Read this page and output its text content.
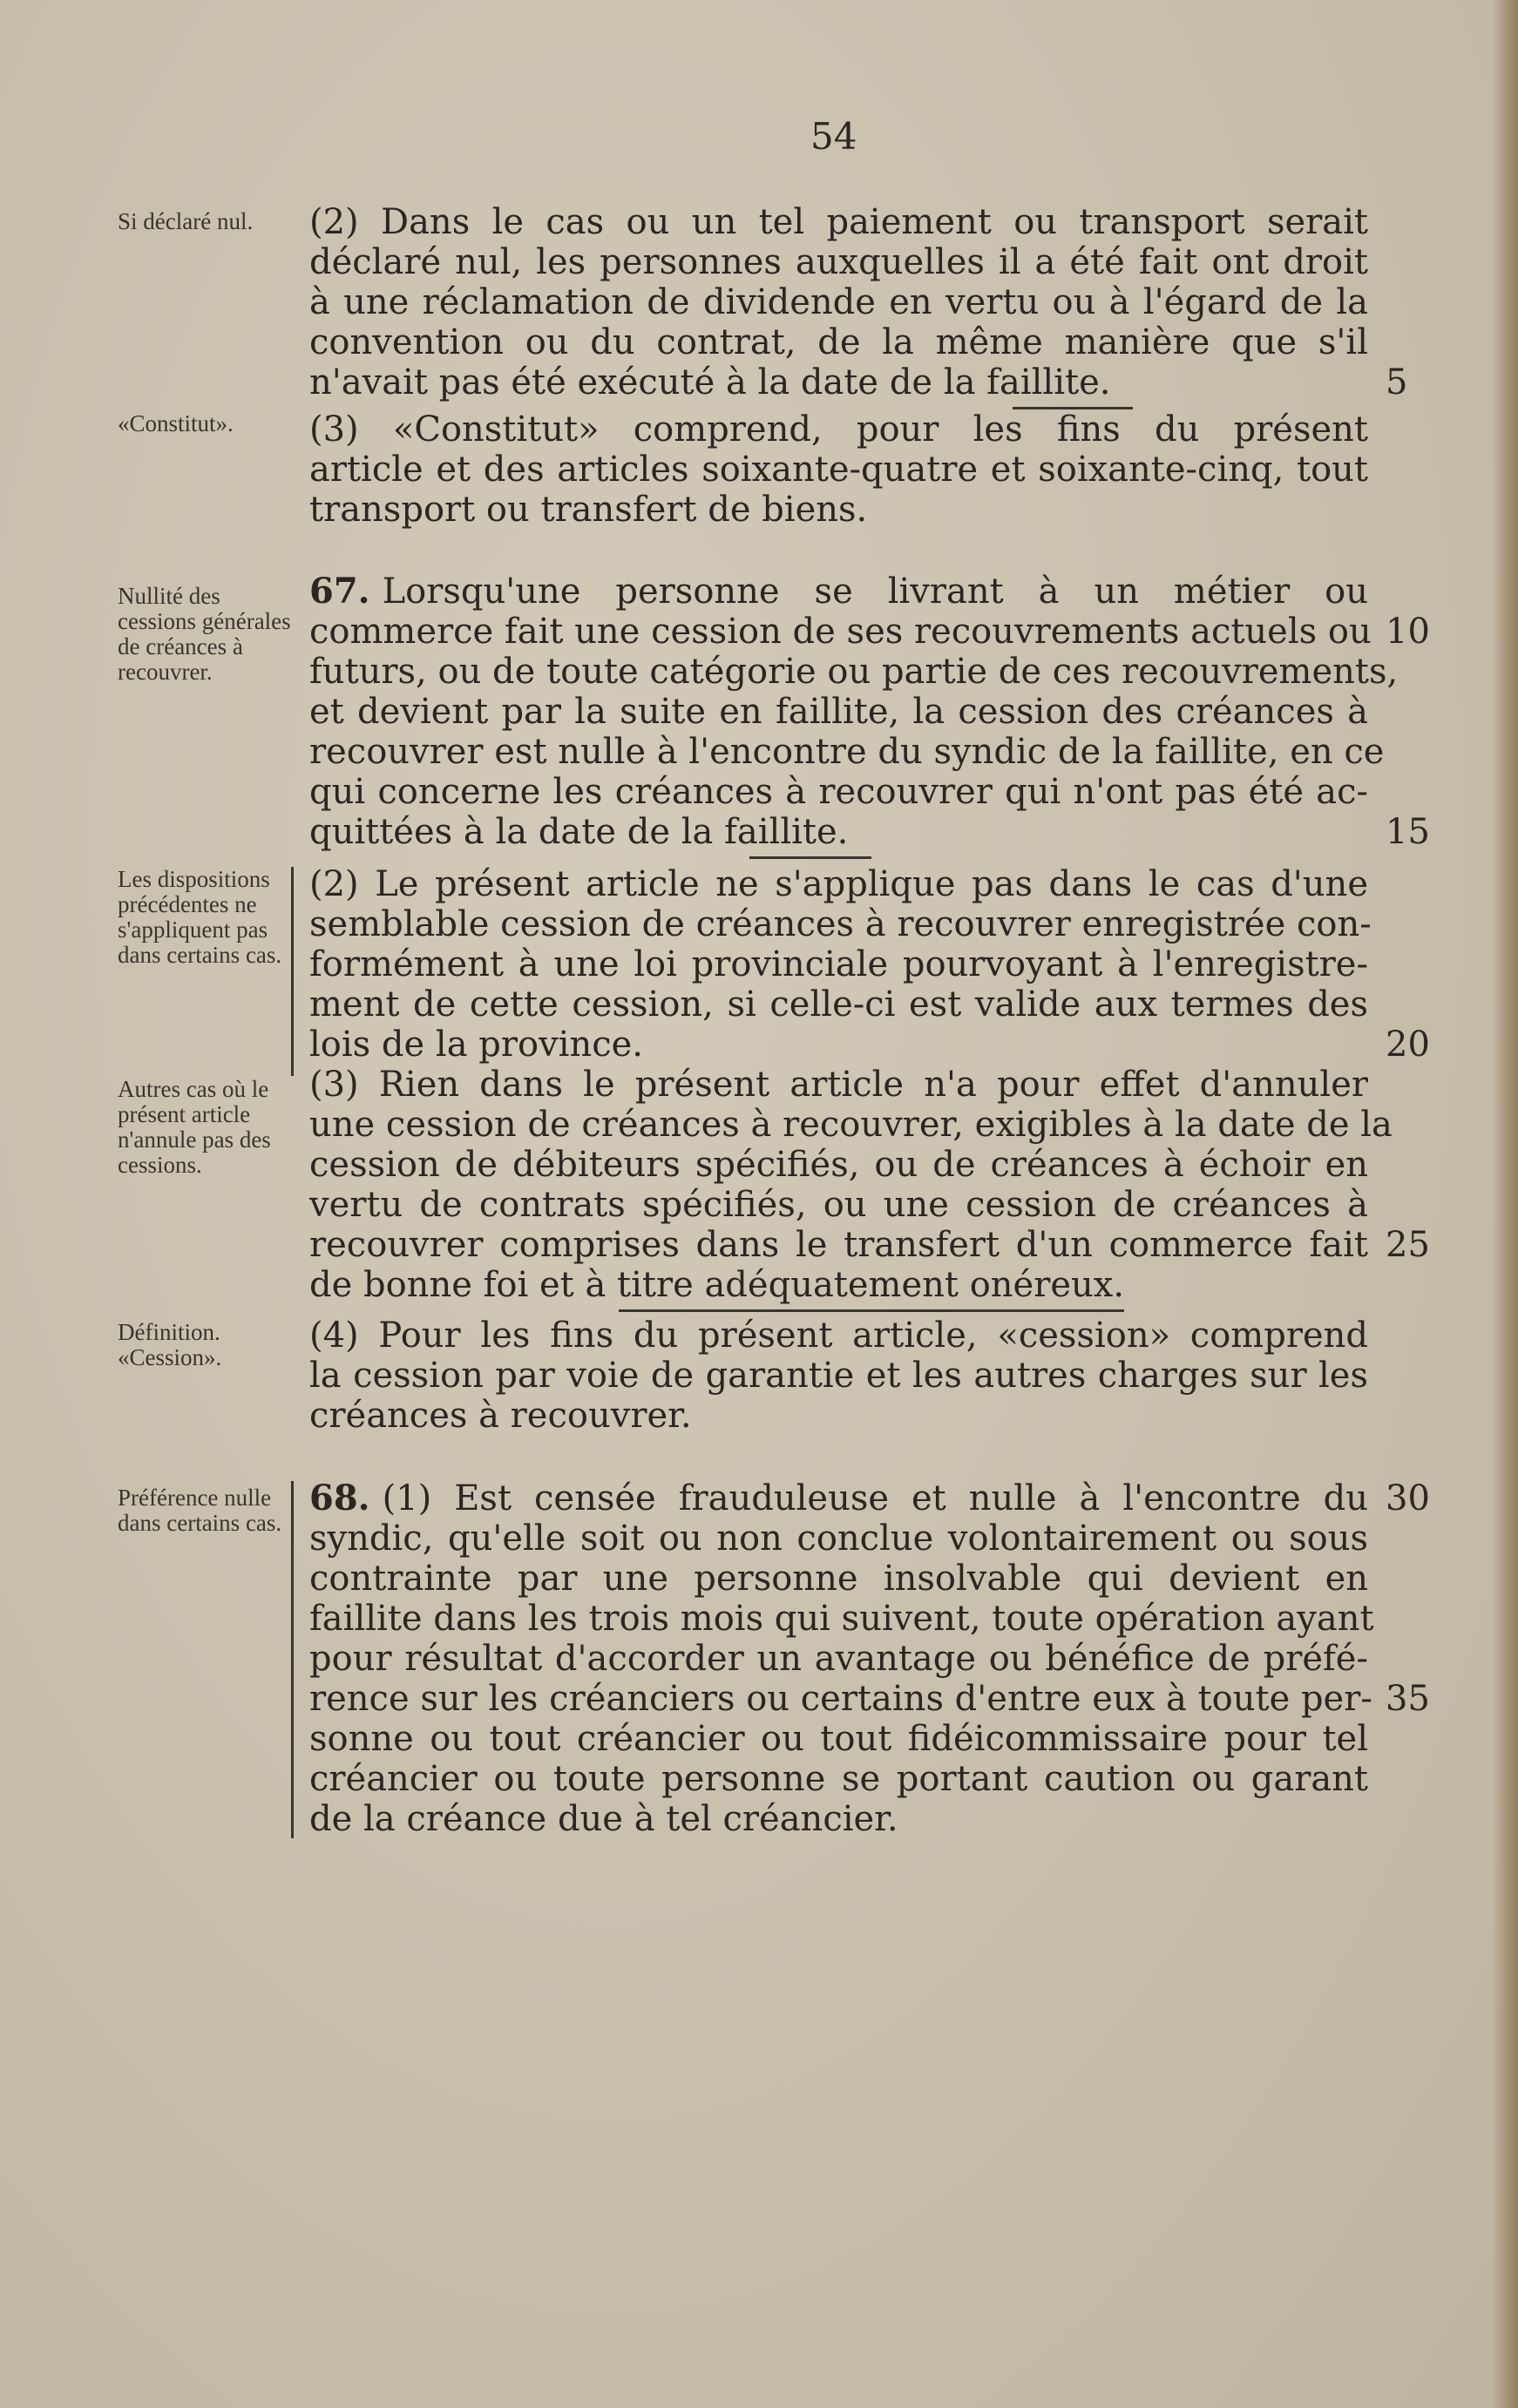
54
Si déclaré nul.
«Constitut».
Nullité des cessions générales de créances à recouvrer.
Les dispositions précédentes ne s'appliquent pas dans certains cas.
Autres cas où le présent article n'annule pas des cessions.
Définition. «Cession».
Préférence nulle dans certains cas.
(2) Dans le cas ou un tel paiement ou transport serait
déclaré nul, les personnes auxquelles il a été fait ont droit
à une réclamation de dividende en vertu ou à l'égard de la
convention ou du contrat, de la même manière que s'il
n'avait pas été exécuté à la date de la faillite.
(3) «Constitut» comprend, pour les fins du présent
article et des articles soixante-quatre et soixante-cinq, tout
transport ou transfert de biens.
67. Lorsqu'une personne se livrant à un métier ou
commerce fait une cession de ses recouvrements actuels ou
futurs, ou de toute catégorie ou partie de ces recouvrements,
et devient par la suite en faillite, la cession des créances à
recouvrer est nulle à l'encontre du syndic de la faillite, en ce
qui concerne les créances à recouvrer qui n'ont pas été ac-
quittées à la date de la faillite.
(2) Le présent article ne s'applique pas dans le cas d'une
semblable cession de créances à recouvrer enregistrée con-
formément à une loi provinciale pourvoyant à l'enregistre-
ment de cette cession, si celle-ci est valide aux termes des
lois de la province.
(3) Rien dans le présent article n'a pour effet d'annuler
une cession de créances à recouvrer, exigibles à la date de la
cession de débiteurs spécifiés, ou de créances à échoir en
vertu de contrats spécifiés, ou une cession de créances à
recouvrer comprises dans le transfert d'un commerce fait
de bonne foi et à titre adéquatement onéreux.
(4) Pour les fins du présent article, «cession» comprend
la cession par voie de garantie et les autres charges sur les
créances à recouvrer.
68. (1) Est censée frauduleuse et nulle à l'encontre du
syndic, qu'elle soit ou non conclue volontairement ou sous
contrainte par une personne insolvable qui devient en
faillite dans les trois mois qui suivent, toute opération ayant
pour résultat d'accorder un avantage ou bénéfice de préfé-
rence sur les créanciers ou certains d'entre eux à toute per-
sonne ou tout créancier ou tout fidéicommissaire pour tel
créancier ou toute personne se portant caution ou garant
de la créance due à tel créancier.
5
10
15
20
25
30
35
